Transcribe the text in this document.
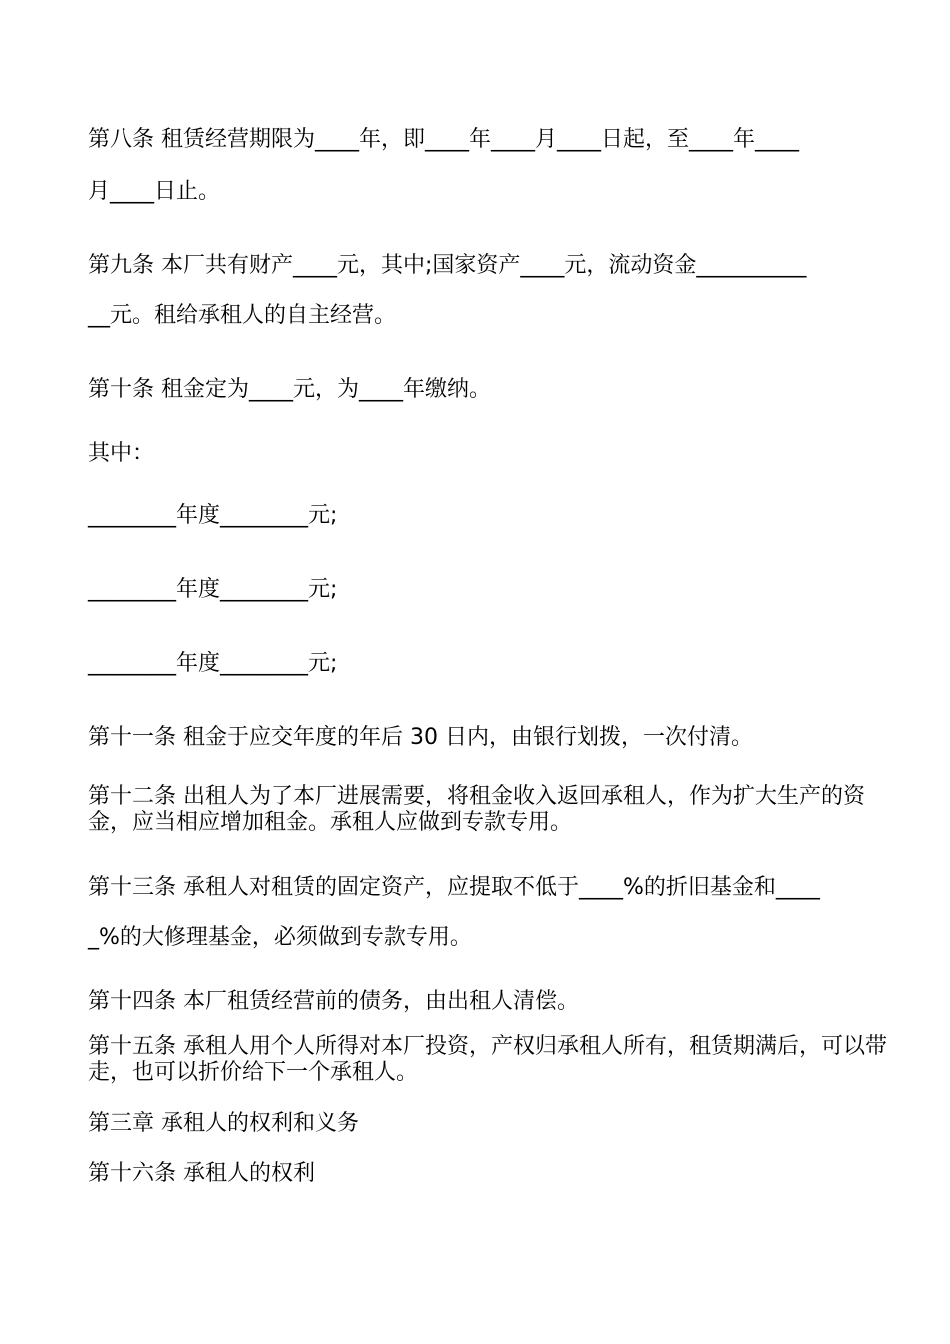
第八条 租赁经营期限为____年，即____年____月____日起，至____年____

月____日止。

第九条 本厂共有财产____元，其中;国家资产____元，流动资金__________

__元。租给承租人的自主经营。

第十条 租金定为____元，为____年缴纳。

其中：

________年度________元;

________年度________元;

________年度________元;

第十一条 租金于应交年度的年后 30 日内，由银行划拨，一次付清。

第十二条 出租人为了本厂进展需要，将租金收入返回承租人，作为扩大生产的资金，应当相应增加租金。承租人应做到专款专用。

第十三条 承租人对租赁的固定资产，应提取不低于____%的折旧基金和____

_%的大修理基金，必须做到专款专用。

第十四条 本厂租赁经营前的债务，由出租人清偿。

第十五条 承租人用个人所得对本厂投资，产权归承租人所有，租赁期满后，可以带走，也可以折价给下一个承租人。

第三章 承租人的权利和义务

第十六条 承租人的权利
